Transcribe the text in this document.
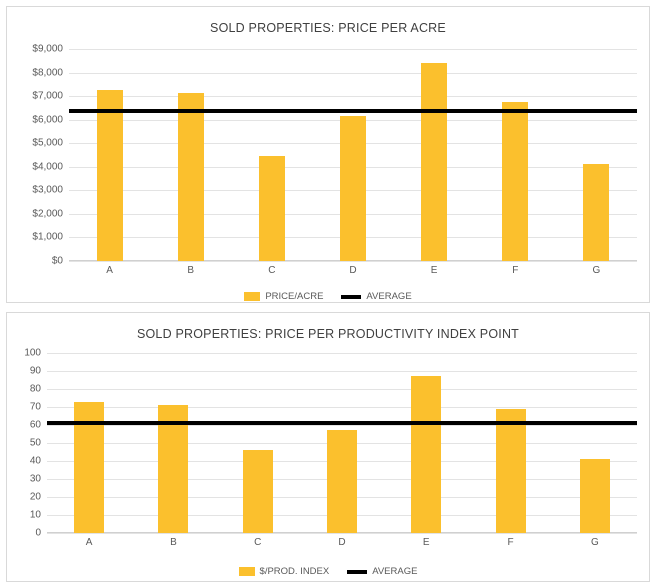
SOLD PROPERTIES: PRICE PER ACRE
$0
$1,000
$2,000
$3,000
$4,000
$5,000
$6,000
$7,000
$8,000
$9,000
A	B	C	D	E	F	G
PRICE/ACRE	AVERAGE
SOLD PROPERTIES: PRICE PER PRODUCTIVITY INDEX POINT
0
10
20
30
40
50
60
70
80
90
100
A	B	C	D	E	F	G
$/PROD. INDEX	AVERAGE
